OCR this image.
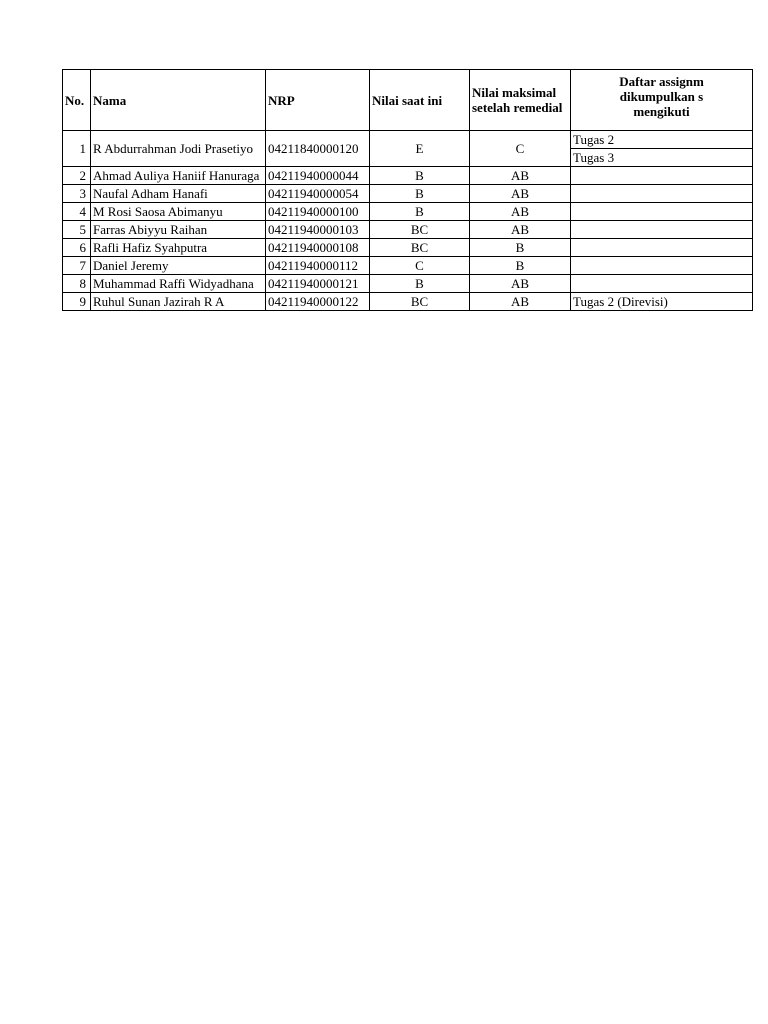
No.	Nama	NRP	Nilai saat ini	Nilai maksimal
setelah remedial	Daftar assignm
dikumpulkan s
mengikuti
1	R Abdurrahman Jodi Prasetiyo	04211840000120	E	C	Tugas 2
					Tugas 3
2	Ahmad Auliya Haniif Hanuraga	04211940000044	B	AB	
3	Naufal Adham Hanafi	04211940000054	B	AB	
4	M Rosi Saosa Abimanyu	04211940000100	B	AB	
5	Farras Abiyyu Raihan	04211940000103	BC	AB	
6	Rafli Hafiz Syahputra	04211940000108	BC	B	
7	Daniel Jeremy	04211940000112	C	B	
8	Muhammad Raffi Widyadhana	04211940000121	B	AB	
9	Ruhul Sunan Jazirah R A	04211940000122	BC	AB	Tugas 2 (Direvisi)
